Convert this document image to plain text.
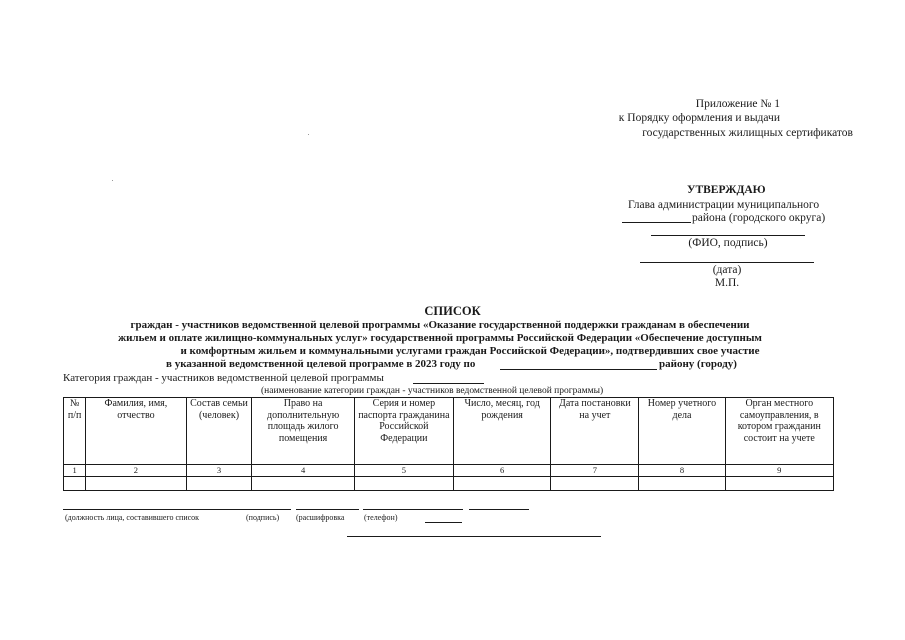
Приложение № 1
к Порядку оформления и выдачи
государственных жилищных сертификатов
УТВЕРЖДАЮ
Глава администрации муниципального
района (городского округа)
(ФИО, подпись)
(дата)
М.П.
СПИСОК
граждан - участников ведомственной целевой программы «Оказание государственной поддержки гражданам в обеспечении
жильем и оплате жилищно-коммунальных услуг» государственной программы Российской Федерации «Обеспечение доступным
и комфортным жильем и коммунальными услугами граждан Российской Федерации», подтвердивших свое участие
в указанной ведомственной целевой программе в 2023 году по	району (городу)
Категория граждан - участников ведомственной целевой программы
(наименование категории граждан - участников ведомственной целевой программы)
№ п/п	Фамилия, имя, отчество	Состав семьи (человек)	Право на дополнительную площадь жилого помещения	Серия и номер паспорта гражданина Российской Федерации	Число, месяц, год рождения	Дата постановки на учет	Номер учетного дела	Орган местного самоуправления, в котором гражданин состоит на учете
1	2	3	4	5	6	7	8	9

(должность лица, составившего список	(подпись) (расшифровка (телефон)
